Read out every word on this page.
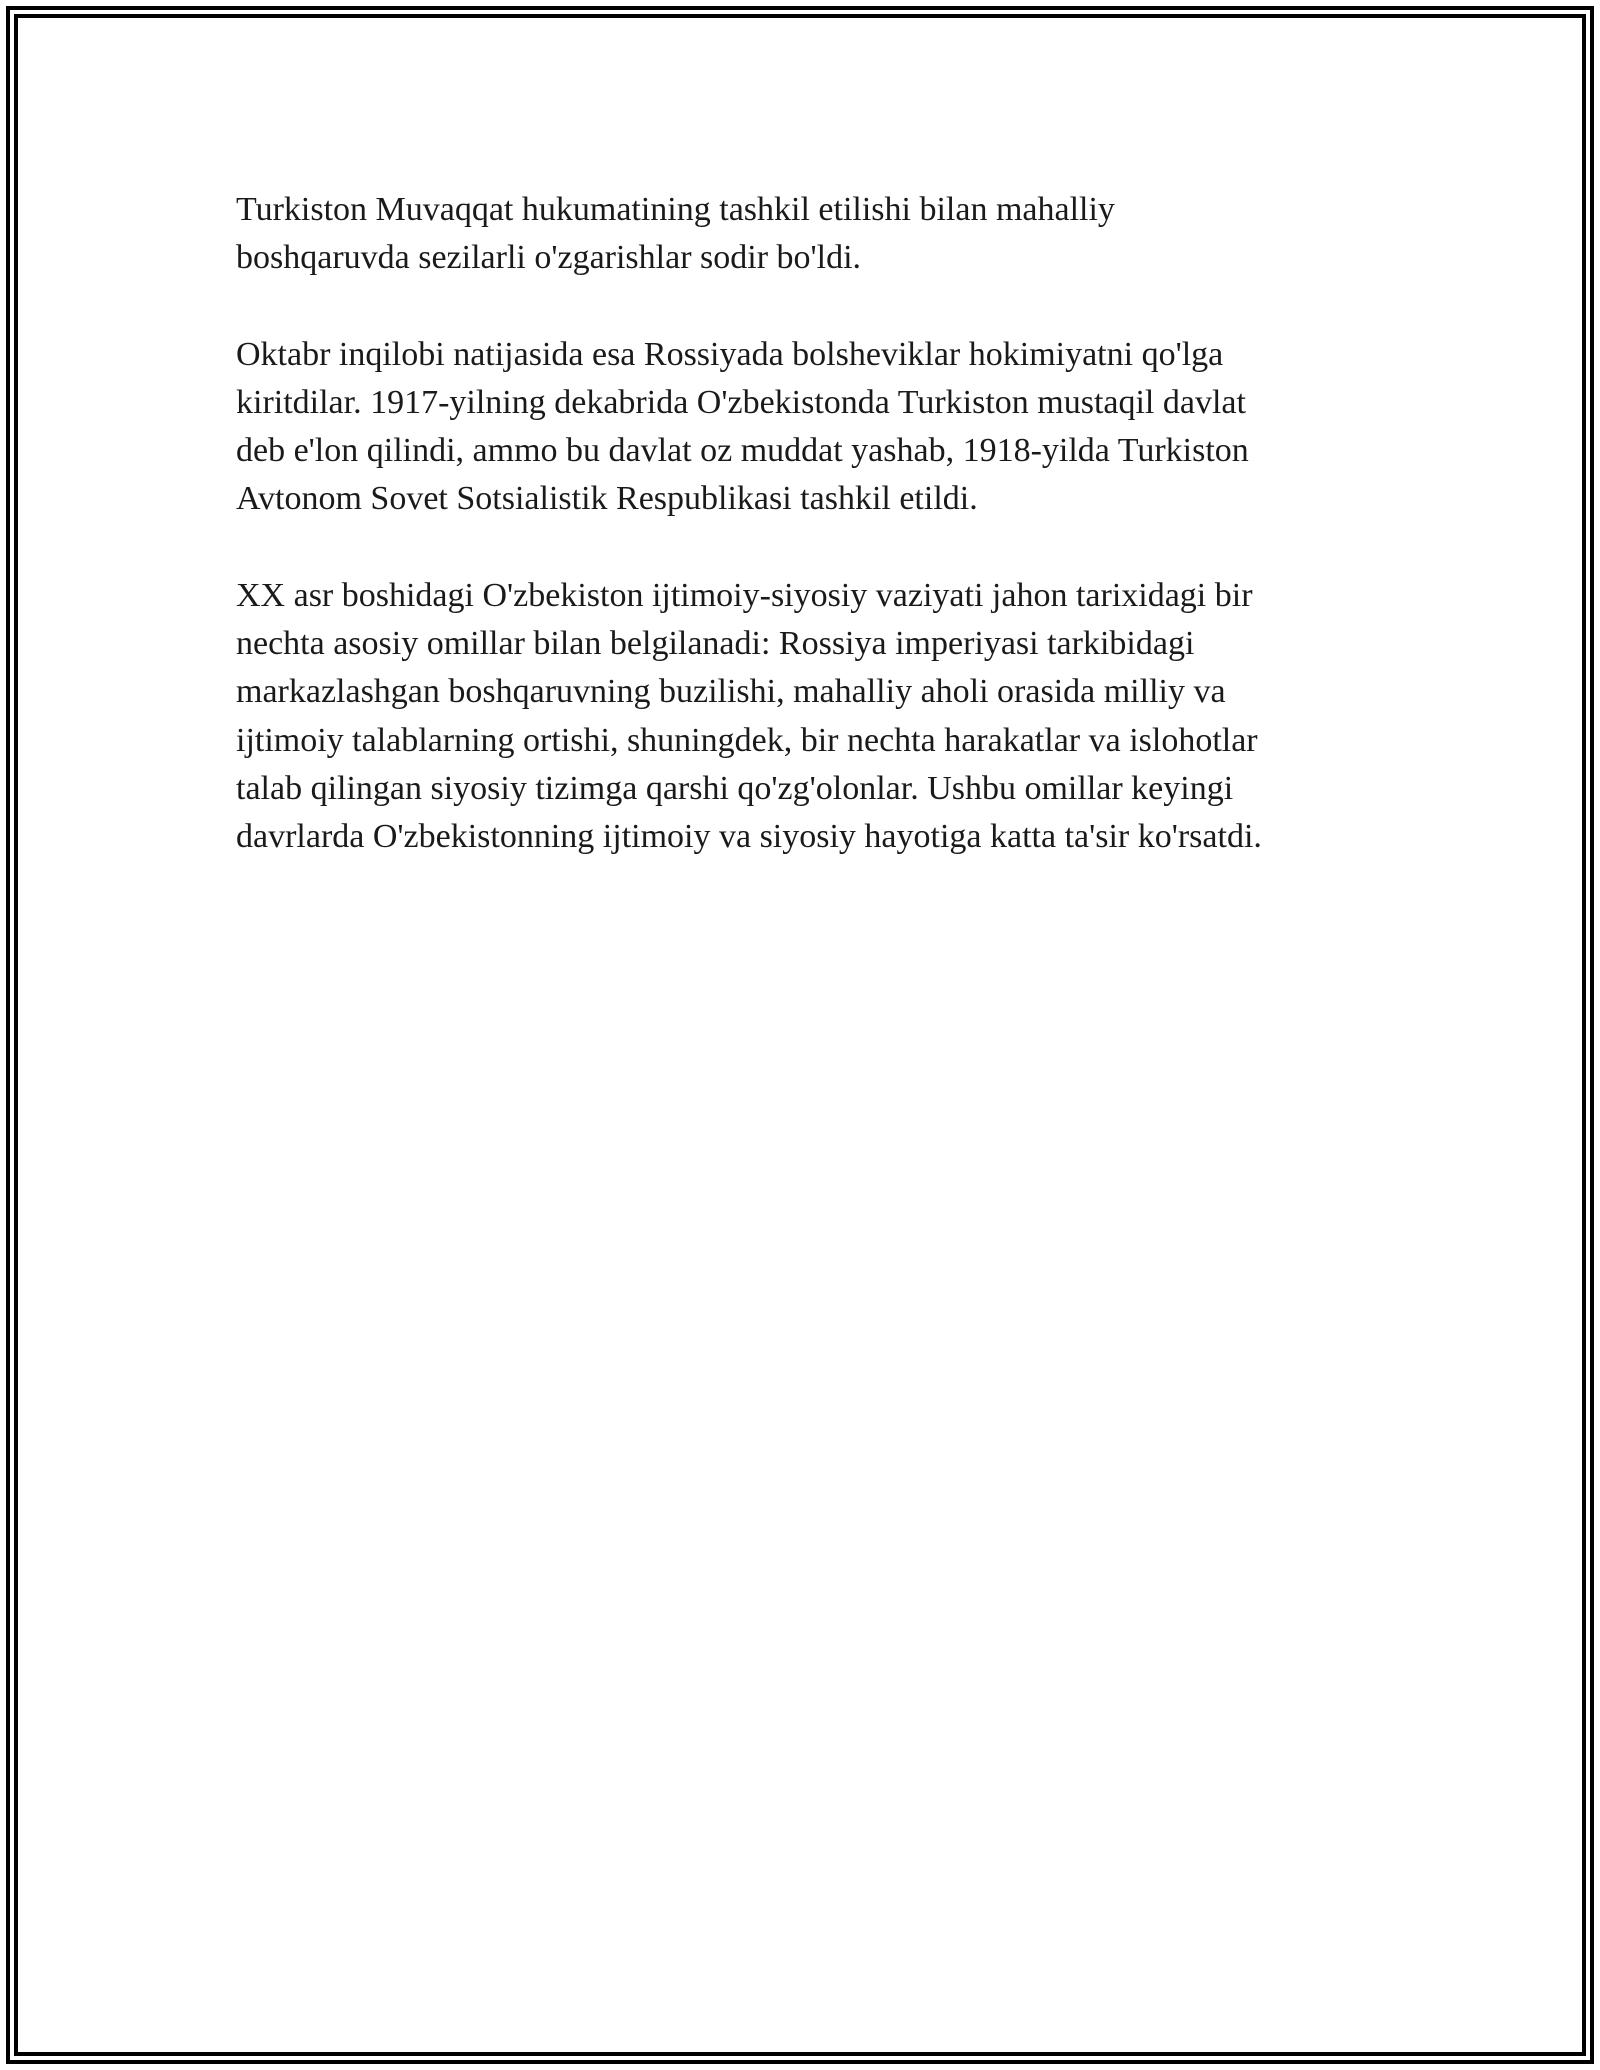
Turkiston Muvaqqat hukumatining tashkil etilishi bilan mahalliy
boshqaruvda sezilarli o'zgarishlar sodir bo'ldi.

Oktabr inqilobi natijasida esa Rossiyada bolsheviklar hokimiyatni qo'lga
kiritdilar. 1917-yilning dekabrida O'zbekistonda Turkiston mustaqil davlat
deb e'lon qilindi, ammo bu davlat oz muddat yashab, 1918-yilda Turkiston
Avtonom Sovet Sotsialistik Respublikasi tashkil etildi.

XX asr boshidagi O'zbekiston ijtimoiy-siyosiy vaziyati jahon tarixidagi bir
nechta asosiy omillar bilan belgilanadi: Rossiya imperiyasi tarkibidagi
markazlashgan boshqaruvning buzilishi, mahalliy aholi orasida milliy va
ijtimoiy talablarning ortishi, shuningdek, bir nechta harakatlar va islohotlar
talab qilingan siyosiy tizimga qarshi qo'zg'olonlar. Ushbu omillar keyingi
davrlarda O'zbekistonning ijtimoiy va siyosiy hayotiga katta ta'sir ko'rsatdi.
